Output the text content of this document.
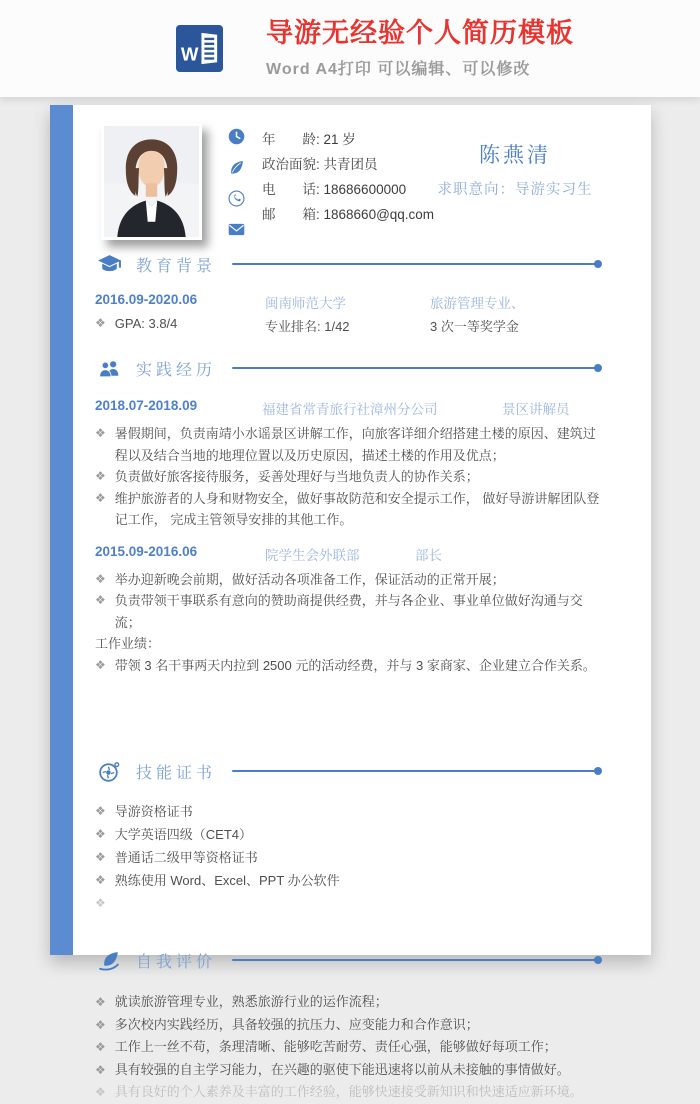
W
导游无经验个人简历模板
Word A4打印 可以编辑、可以修改
年　　龄: 21 岁
政治面貌: 共青团员
电　　话: 18686600000
邮　　箱: 1868660@qq.com
陈燕清
求职意向：导游实习生
教育背景
2016.09-2020.06	闽南师范大学	旅游管理专业、
❖ GPA: 3.8/4	专业排名: 1/42	3 次一等奖学金
实践经历
2018.07-2018.09	福建省常青旅行社漳州分公司	景区讲解员
❖ 暑假期间，负责南靖小水谣景区讲解工作，向旅客详细介绍搭建土楼的原因、建筑过程以及结合当地的地理位置以及历史原因，描述土楼的作用及优点；
❖ 负责做好旅客接待服务，妥善处理好与当地负责人的协作关系；
❖ 维护旅游者的人身和财物安全，做好事故防范和安全提示工作， 做好导游讲解团队登记工作， 完成主管领导安排的其他工作。
2015.09-2016.06	院学生会外联部	部长
❖ 举办迎新晚会前期，做好活动各项准备工作，保证活动的正常开展；
❖ 负责带领干事联系有意向的赞助商提供经费，并与各企业、事业单位做好沟通与交流；
工作业绩：
❖ 带领 3 名干事两天内拉到 2500 元的活动经费，并与 3 家商家、企业建立合作关系。
技能证书
❖ 导游资格证书
❖ 大学英语四级（CET4）
❖ 普通话二级甲等资格证书
❖ 熟练使用 Word、Excel、PPT 办公软件
❖
自我评价
❖ 就读旅游管理专业，熟悉旅游行业的运作流程；
❖ 多次校内实践经历，具备较强的抗压力、应变能力和合作意识；
❖ 工作上一丝不苟，条理清晰、能够吃苦耐劳、责任心强，能够做好每项工作；
❖ 具有较强的自主学习能力，在兴趣的驱使下能迅速将以前从未接触的事情做好。
❖ 具有良好的个人素养及丰富的工作经验，能够快速接受新知识和快速适应新环境。
